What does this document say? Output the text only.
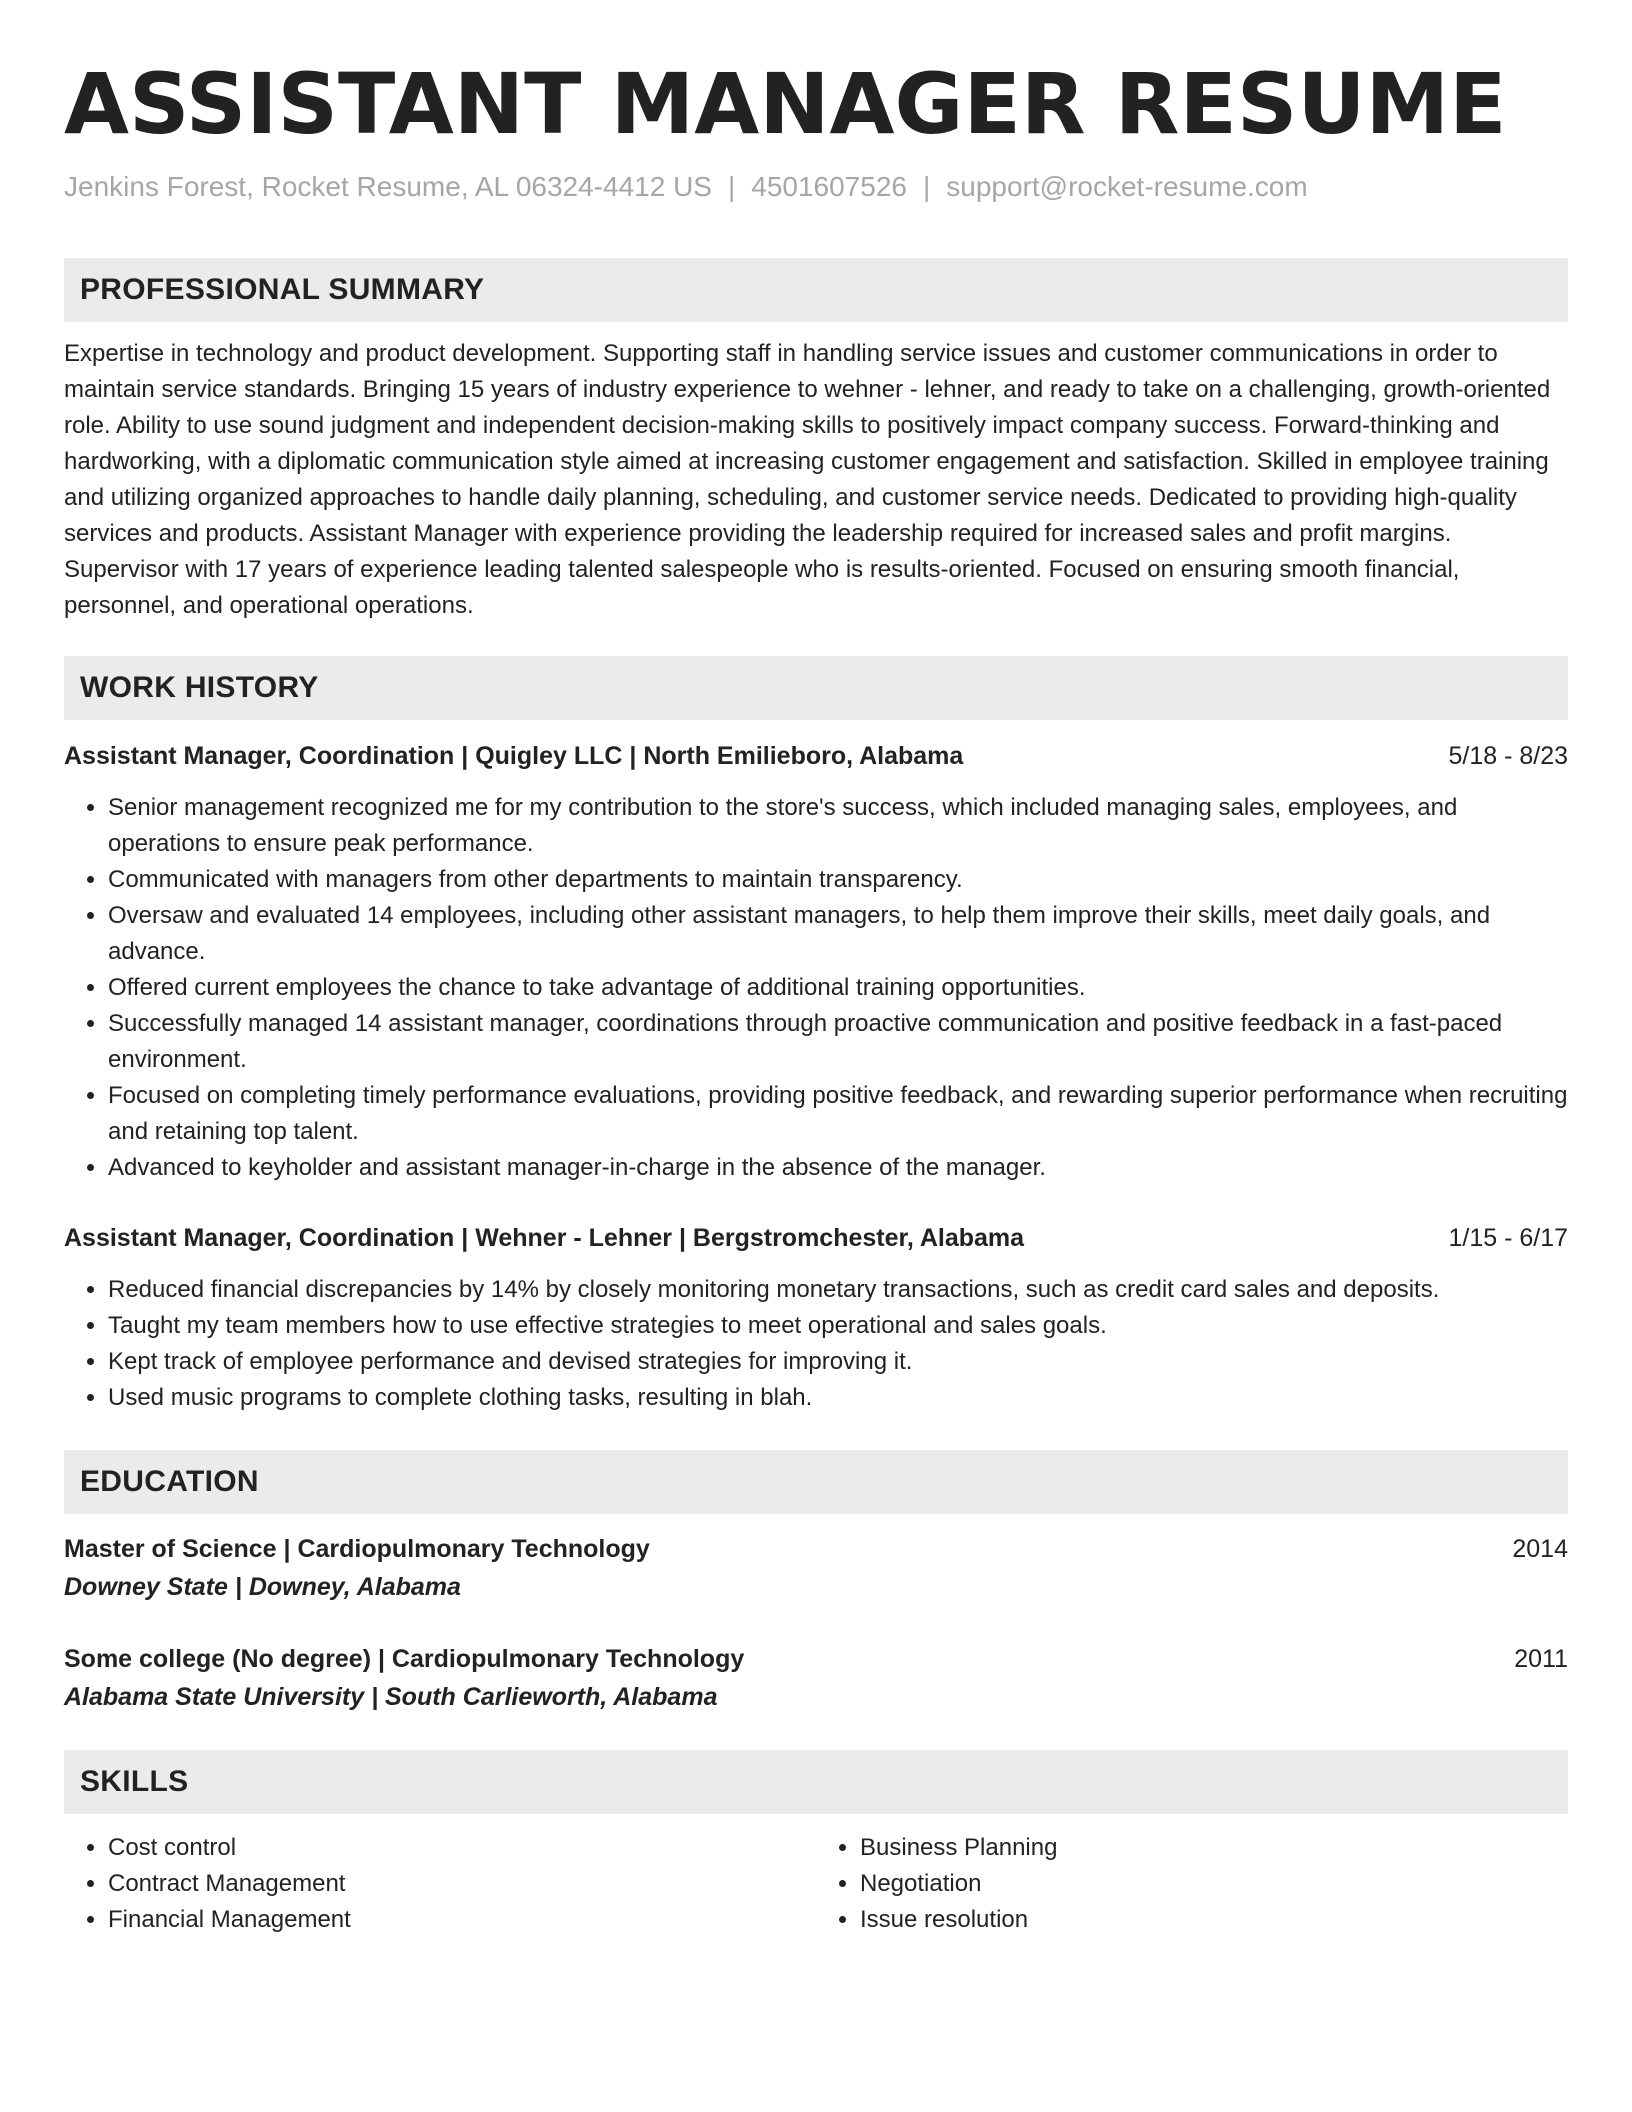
ASSISTANT MANAGER RESUME
Jenkins Forest, Rocket Resume, AL 06324-4412 US | 4501607526 | support@rocket-resume.com
PROFESSIONAL SUMMARY
Expertise in technology and product development. Supporting staff in handling service issues and customer communications in order to maintain service standards. Bringing 15 years of industry experience to wehner - lehner, and ready to take on a challenging, growth-oriented role. Ability to use sound judgment and independent decision-making skills to positively impact company success. Forward-thinking and hardworking, with a diplomatic communication style aimed at increasing customer engagement and satisfaction. Skilled in employee training and utilizing organized approaches to handle daily planning, scheduling, and customer service needs. Dedicated to providing high-quality services and products. Assistant Manager with experience providing the leadership required for increased sales and profit margins. Supervisor with 17 years of experience leading talented salespeople who is results-oriented. Focused on ensuring smooth financial, personnel, and operational operations.
WORK HISTORY
Assistant Manager, Coordination | Quigley LLC | North Emilieboro, Alabama	5/18 - 8/23
• Senior management recognized me for my contribution to the store's success, which included managing sales, employees, and operations to ensure peak performance.
• Communicated with managers from other departments to maintain transparency.
• Oversaw and evaluated 14 employees, including other assistant managers, to help them improve their skills, meet daily goals, and advance.
• Offered current employees the chance to take advantage of additional training opportunities.
• Successfully managed 14 assistant manager, coordinations through proactive communication and positive feedback in a fast-paced environment.
• Focused on completing timely performance evaluations, providing positive feedback, and rewarding superior performance when recruiting and retaining top talent.
• Advanced to keyholder and assistant manager-in-charge in the absence of the manager.
Assistant Manager, Coordination | Wehner - Lehner | Bergstromchester, Alabama	1/15 - 6/17
• Reduced financial discrepancies by 14% by closely monitoring monetary transactions, such as credit card sales and deposits.
• Taught my team members how to use effective strategies to meet operational and sales goals.
• Kept track of employee performance and devised strategies for improving it.
• Used music programs to complete clothing tasks, resulting in blah.
EDUCATION
Master of Science | Cardiopulmonary Technology	2014
Downey State | Downey, Alabama
Some college (No degree) | Cardiopulmonary Technology	2011
Alabama State University | South Carlieworth, Alabama
SKILLS
• Cost control
• Contract Management
• Financial Management
• Business Planning
• Negotiation
• Issue resolution
